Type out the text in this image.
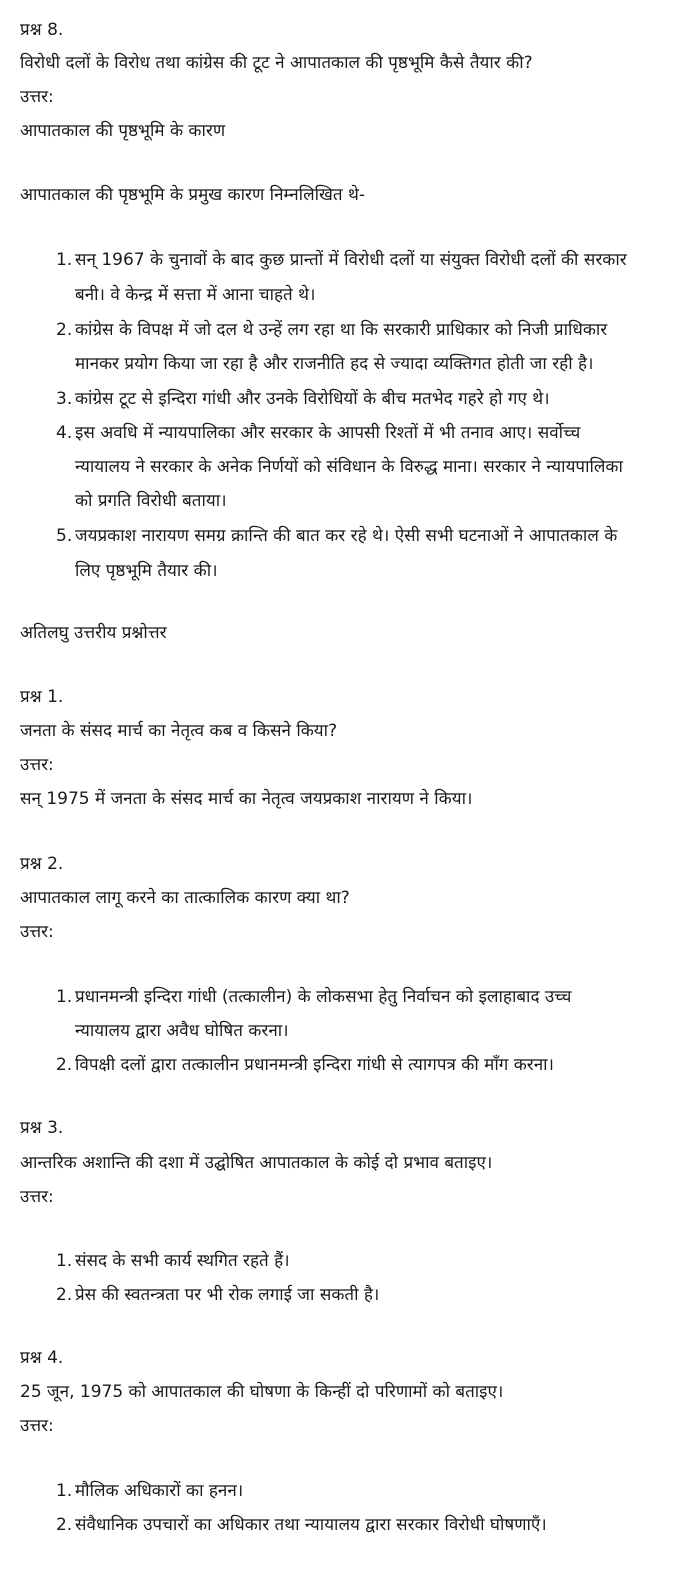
प्रश्न 8.
विरोधी दलों के विरोध तथा कांग्रेस की टूट ने आपातकाल की पृष्ठभूमि कैसे तैयार की?
उत्तर:
आपातकाल की पृष्ठभूमि के कारण
आपातकाल की पृष्ठभूमि के प्रमुख कारण निम्नलिखित थे-
1. सन् 1967 के चुनावों के बाद कुछ प्रान्तों में विरोधी दलों या संयुक्त विरोधी दलों की सरकार
बनी। वे केन्द्र में सत्ता में आना चाहते थे।
2. कांग्रेस के विपक्ष में जो दल थे उन्हें लग रहा था कि सरकारी प्राधिकार को निजी प्राधिकार
मानकर प्रयोग किया जा रहा है और राजनीति हद से ज्यादा व्यक्तिगत होती जा रही है।
3. कांग्रेस टूट से इन्दिरा गांधी और उनके विरोधियों के बीच मतभेद गहरे हो गए थे।
4. इस अवधि में न्यायपालिका और सरकार के आपसी रिश्तों में भी तनाव आए। सर्वोच्च
न्यायालय ने सरकार के अनेक निर्णयों को संविधान के विरुद्ध माना। सरकार ने न्यायपालिका
को प्रगति विरोधी बताया।
5. जयप्रकाश नारायण समग्र क्रान्ति की बात कर रहे थे। ऐसी सभी घटनाओं ने आपातकाल के
लिए पृष्ठभूमि तैयार की।
अतिलघु उत्तरीय प्रश्नोत्तर
प्रश्न 1.
जनता के संसद मार्च का नेतृत्व कब व किसने किया?
उत्तर:
सन् 1975 में जनता के संसद मार्च का नेतृत्व जयप्रकाश नारायण ने किया।
प्रश्न 2.
आपातकाल लागू करने का तात्कालिक कारण क्या था?
उत्तर:
1. प्रधानमन्त्री इन्दिरा गांधी (तत्कालीन) के लोकसभा हेतु निर्वाचन को इलाहाबाद उच्च
न्यायालय द्वारा अवैध घोषित करना।
2. विपक्षी दलों द्वारा तत्कालीन प्रधानमन्त्री इन्दिरा गांधी से त्यागपत्र की माँग करना।
प्रश्न 3.
आन्तरिक अशान्ति की दशा में उद्घोषित आपातकाल के कोई दो प्रभाव बताइए।
उत्तर:
1. संसद के सभी कार्य स्थगित रहते हैं।
2. प्रेस की स्वतन्त्रता पर भी रोक लगाई जा सकती है।
प्रश्न 4.
25 जून, 1975 को आपातकाल की घोषणा के किन्हीं दो परिणामों को बताइए।
उत्तर:
1. मौलिक अधिकारों का हनन।
2. संवैधानिक उपचारों का अधिकार तथा न्यायालय द्वारा सरकार विरोधी घोषणाएँ।
